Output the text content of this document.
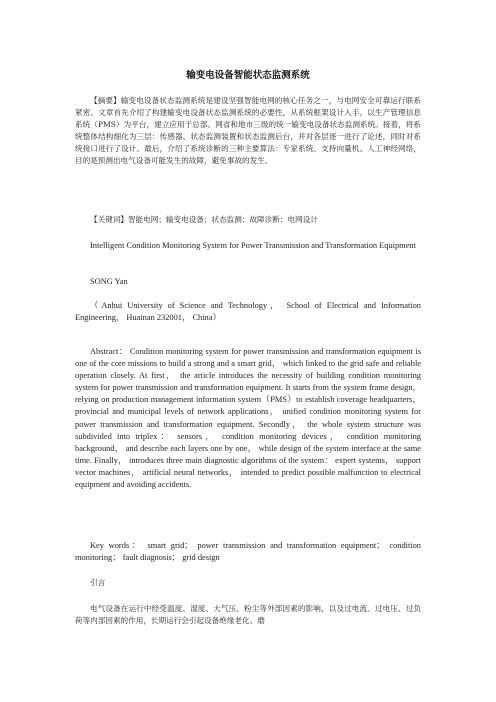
输变电设备智能状态监测系统

【摘要】输变电设备状态监测系统是建设坚强智能电网的核心任务之一，与电网安全可靠运行联系紧密。文章首先介绍了构建输变电设备状态监测系统的必要性，从系统框架设计入手，以生产管理信息系统（PMS）为平台，建立应用于总部、网省和地市三级的统一输变电设备状态监测系统。接着，将系统整体结构细化为三层：传感器、状态监测装置和状态监测后台，并对各层逐一进行了论述，同时对系统接口进行了设计。最后，介绍了系统诊断的三种主要算法：专家系统、支持向量机、人工神经网络，目的是预测出电气设备可能发生的故障，避免事故的发生。

【关键词】智能电网；输变电设备；状态监测；故障诊断；电网设计

Intelligent Condition Monitoring System for Power Transmission and Transformation Equipment

SONG Yan

（Anhui University of Science and Technology， School of Electrical and Information Engineering， Huainan 232001， China）

Abstract： Condition monitoring system for power transmission and transformation equipment is one of the core missions to build a strong and a smart grid， which linked to the grid safe and reliable operation closely. At first， the article introduces the necessity of building condition monitoring system for power transmission and transformation equipment. It starts from the system frame design， relying on production management information system（PMS）to establish coverage headquarters， provincial and municipal levels of network applications， unified condition monitoring system for power transmission and transformation equipment. Secondly， the whole system structure was subdivided into triplex： sensors， condition monitoring devices， condition monitoring background， and describe each layers one by one， while design of the system interface at the same time. Finally， introduces three main diagnostic algorithms of the system： expert systems， support vector machines， artificial neural networks， intended to predict possible malfunction to electrical equipment and avoiding accidents.

Key words： smart grid； power transmission and transformation equipment； condition monitoring； fault diagnosis； grid design

引言

电气设备在运行中经受温度、湿度、大气压、粉尘等外部因素的影响，以及过电流、过电压、过负荷等内部因素的作用，长期运行会引起设备绝缘老化、磨
